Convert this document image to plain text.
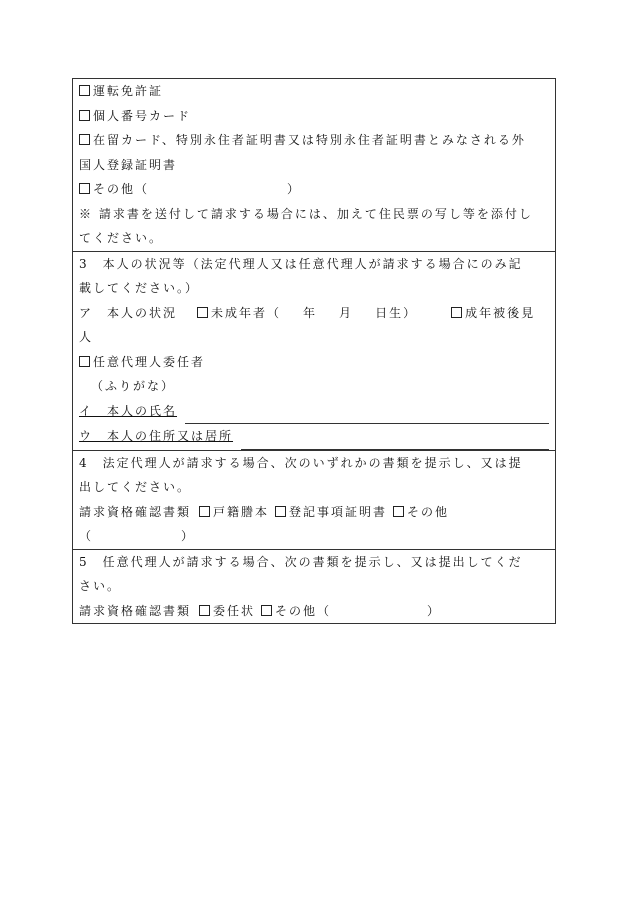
運転免許証
個人番号カード
在留カード、特別永住者証明書又は特別永住者証明書とみなされる外
国人登録証明書
その他（	）
※ 請求書を送付して請求する場合には、加えて住民票の写し等を添付し
てください。
3　本人の状況等（法定代理人又は任意代理人が請求する場合にのみ記
載してください。）
ア　本人の状況	未成年者（ 年 月 日生）	成年被後見
人
任意代理人委任者
（ふりがな）
イ　本人の氏名

ウ　本人の住所又は居所

4　法定代理人が請求する場合、次のいずれかの書類を提示し、又は提
出してください。
請求資格確認書類 戸籍謄本 登記事項証明書 その他
（	）
5　任意代理人が請求する場合、次の書類を提示し、又は提出してくだ
さい。
請求資格確認書類 委任状 その他（	）
